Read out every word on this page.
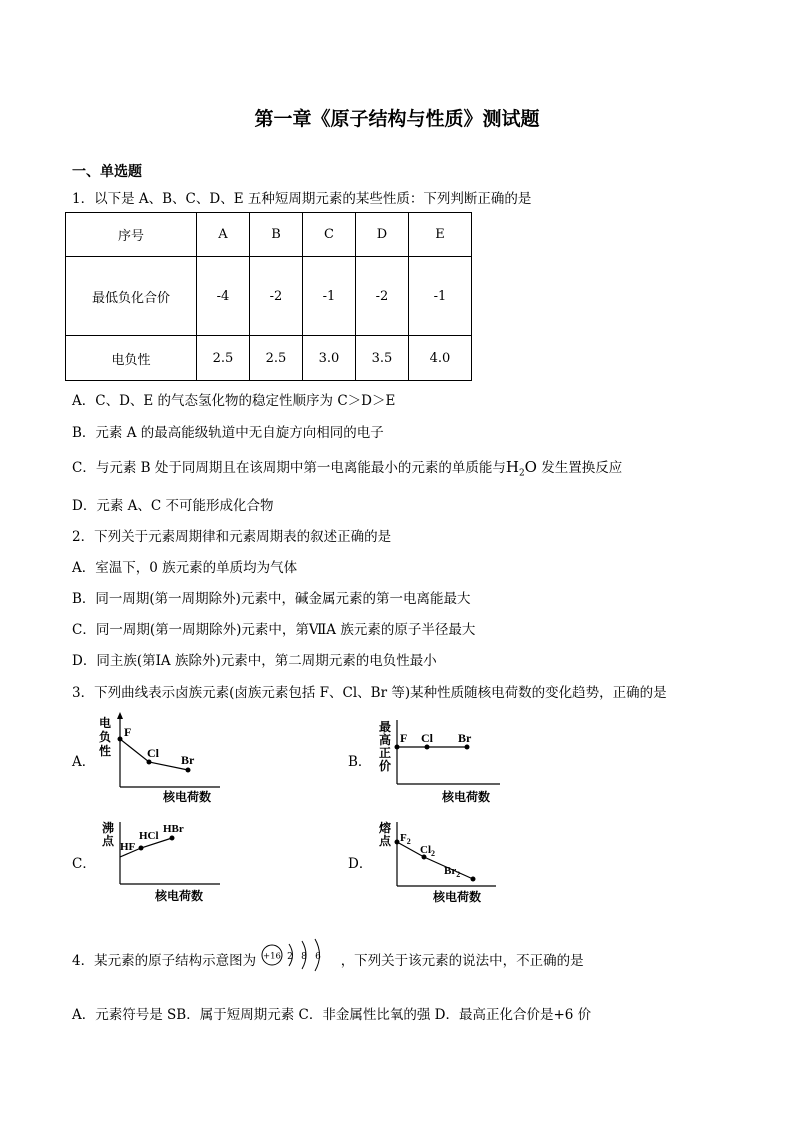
第一章《原子结构与性质》测试题
一、单选题
1．以下是 A、B、C、D、E 五种短周期元素的某些性质：下列判断正确的是
序号	A	B	C	D	E
最低负化合价	-4	-2	-1	-2	-1
电负性	2.5	2.5	3.0	3.5	4.0
A．C、D、E 的气态氢化物的稳定性顺序为 C＞D＞E
B．元素 A 的最高能级轨道中无自旋方向相同的电子
C．与元素 B 处于同周期且在该周期中第一电离能最小的元素的单质能与$H_2O$ 发生置换反应
D．元素 A、C 不可能形成化合物
2．下列关于元素周期律和元素周期表的叙述正确的是
A．室温下，0 族元素的单质均为气体
B．同一周期(第一周期除外)元素中，碱金属元素的第一电离能最大
C．同一周期(第一周期除外)元素中，第ⅦA 族元素的原子半径最大
D．同主族(第ⅠA 族除外)元素中，第二周期元素的电负性最小
3．下列曲线表示卤族元素(卤族元素包括 F、Cl、Br 等)某种性质随核电荷数的变化趋势，正确的是
A．
电
负
性
F
Cl Br
核电荷数
B．
最
高
正
价
F Cl Br
核电荷数
C．
沸
点 HF
HCl
HBr
核电荷数
D．
熔
点 $F_2$
$Cl_2$
$Br_2$
核电荷数
4．某元素的原子结构示意图为 +16 2 8 6 ，下列关于该元素的说法中，不正确的是
A．元素符号是 SB．属于短周期元素 C．非金属性比氧的强 D．最高正化合价是+6 价
